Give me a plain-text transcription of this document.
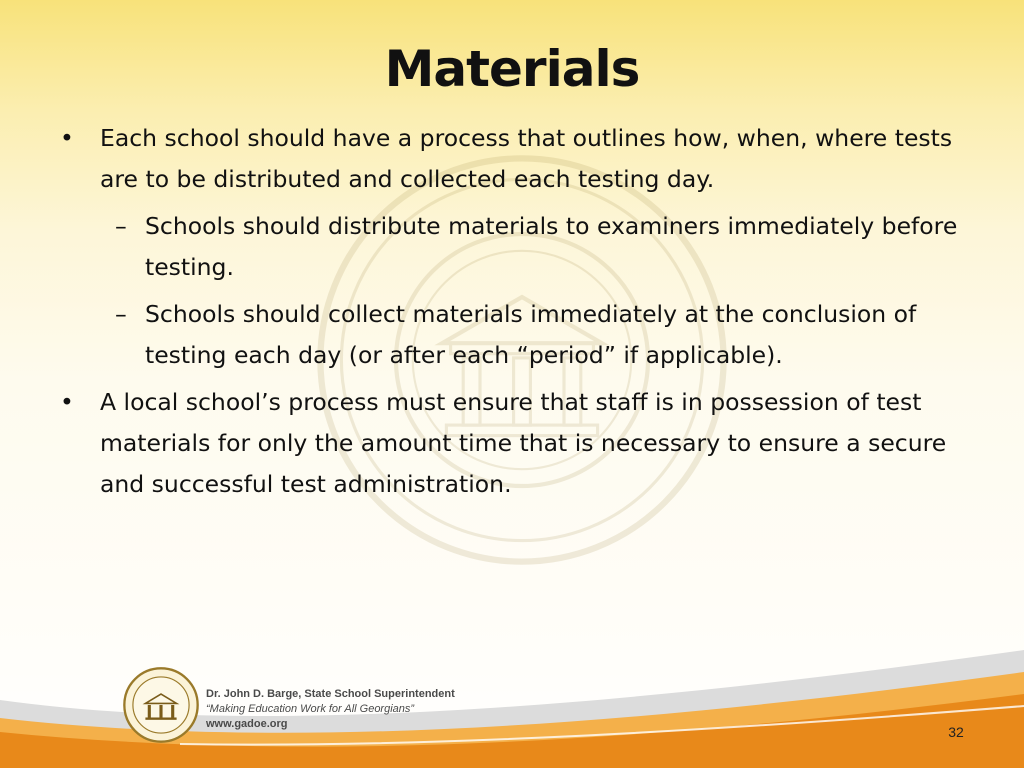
Materials
• Each school should have a process that outlines how, when, where tests are to be distributed and collected each testing day.
– Schools should distribute materials to examiners immediately before testing.
– Schools should collect materials immediately at the conclusion of testing each day (or after each “period” if applicable).
• A local school’s process must ensure that staff is in possession of test materials for only the amount time that is necessary to ensure a secure and successful test administration.
Dr. John D. Barge, State School Superintendent
“Making Education Work for All Georgians”
www.gadoe.org	32
